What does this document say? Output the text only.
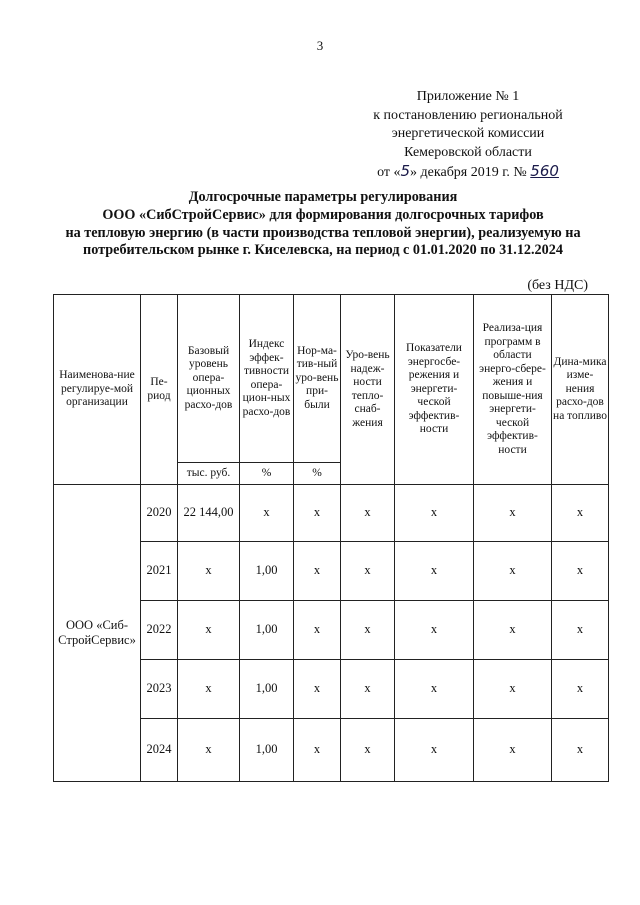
3
Приложение № 1
к постановлению региональной
энергетической комиссии
Кемеровской области
от «5» декабря 2019 г. № 560
Долгосрочные параметры регулирования
ООО «СибСтройСервис» для формирования долгосрочных тарифов
на тепловую энергию (в части производства тепловой энергии), реализуемую на
потребительском рынке г. Киселевска, на период с 01.01.2020 по 31.12.2024
(без НДС)
Наименова-ние регулируе-мой организации	Пе-риод	Базовый уровень опера-ционных расхо-дов	Индекс эффек-тивности опера-цион-ных расхо-дов	Нор-ма-тив-ный уро-вень при-были	Уро-вень надеж-ности тепло-снаб-жения	Показатели энергосбе-режения и энергети-ческой эффектив-ности	Реализа-ция программ в области энерго-сбере-жения и повыше-ния энергети-ческой эффектив-ности	Дина-мика изме-нения расхо-дов на топливо
		тыс. руб.	%	%				
ООО «Сиб-СтройСервис»	2020	22 144,00	х	х	х	х	х	х
	2021	х	1,00	х	х	х	х	х
	2022	х	1,00	х	х	х	х	х
	2023	х	1,00	х	х	х	х	х
	2024	х	1,00	х	х	х	х	х
